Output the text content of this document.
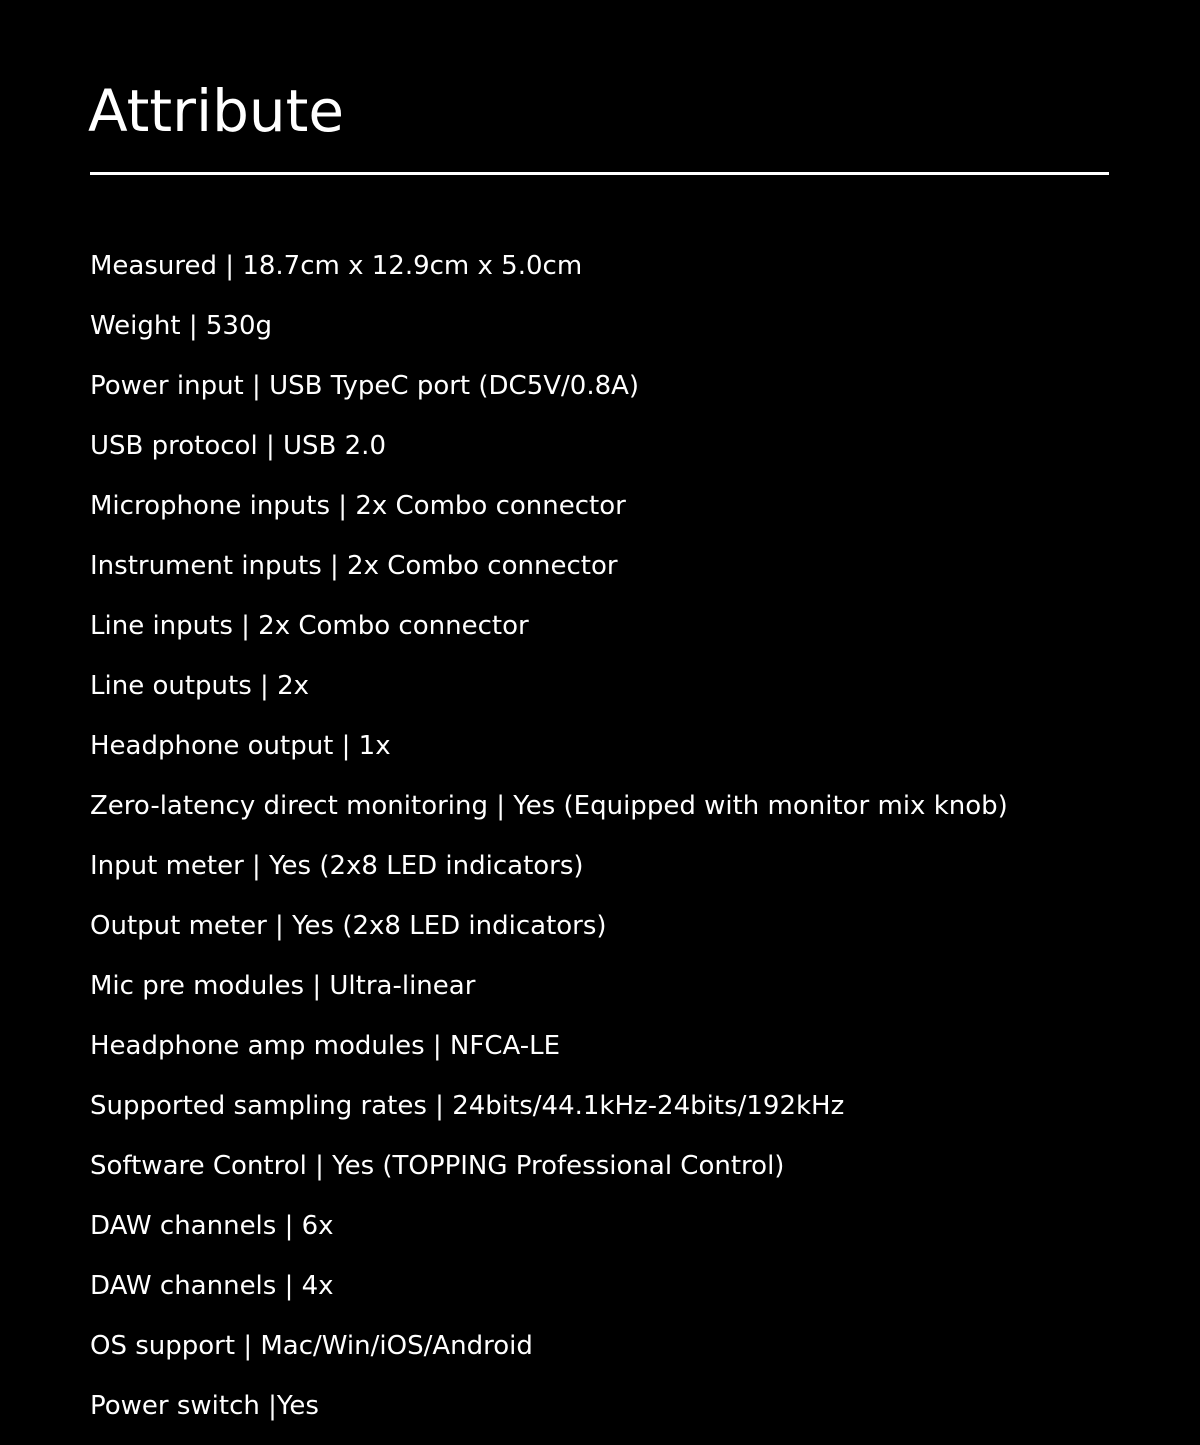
Attribute
Measured | 18.7cm x 12.9cm x 5.0cm
Weight | 530g
Power input | USB TypeC port (DC5V/0.8A)
USB protocol | USB 2.0
Microphone inputs | 2x Combo connector
Instrument inputs | 2x Combo connector
Line inputs | 2x Combo connector
Line outputs | 2x
Headphone output | 1x
Zero-latency direct monitoring | Yes (Equipped with monitor mix knob)
Input meter | Yes (2x8 LED indicators)
Output meter | Yes (2x8 LED indicators)
Mic pre modules | Ultra-linear
Headphone amp modules | NFCA-LE
Supported sampling rates | 24bits/44.1kHz-24bits/192kHz
Software Control | Yes (TOPPING Professional Control)
DAW channels | 6x
DAW channels | 4x
OS support | Mac/Win/iOS/Android
Power switch |Yes
